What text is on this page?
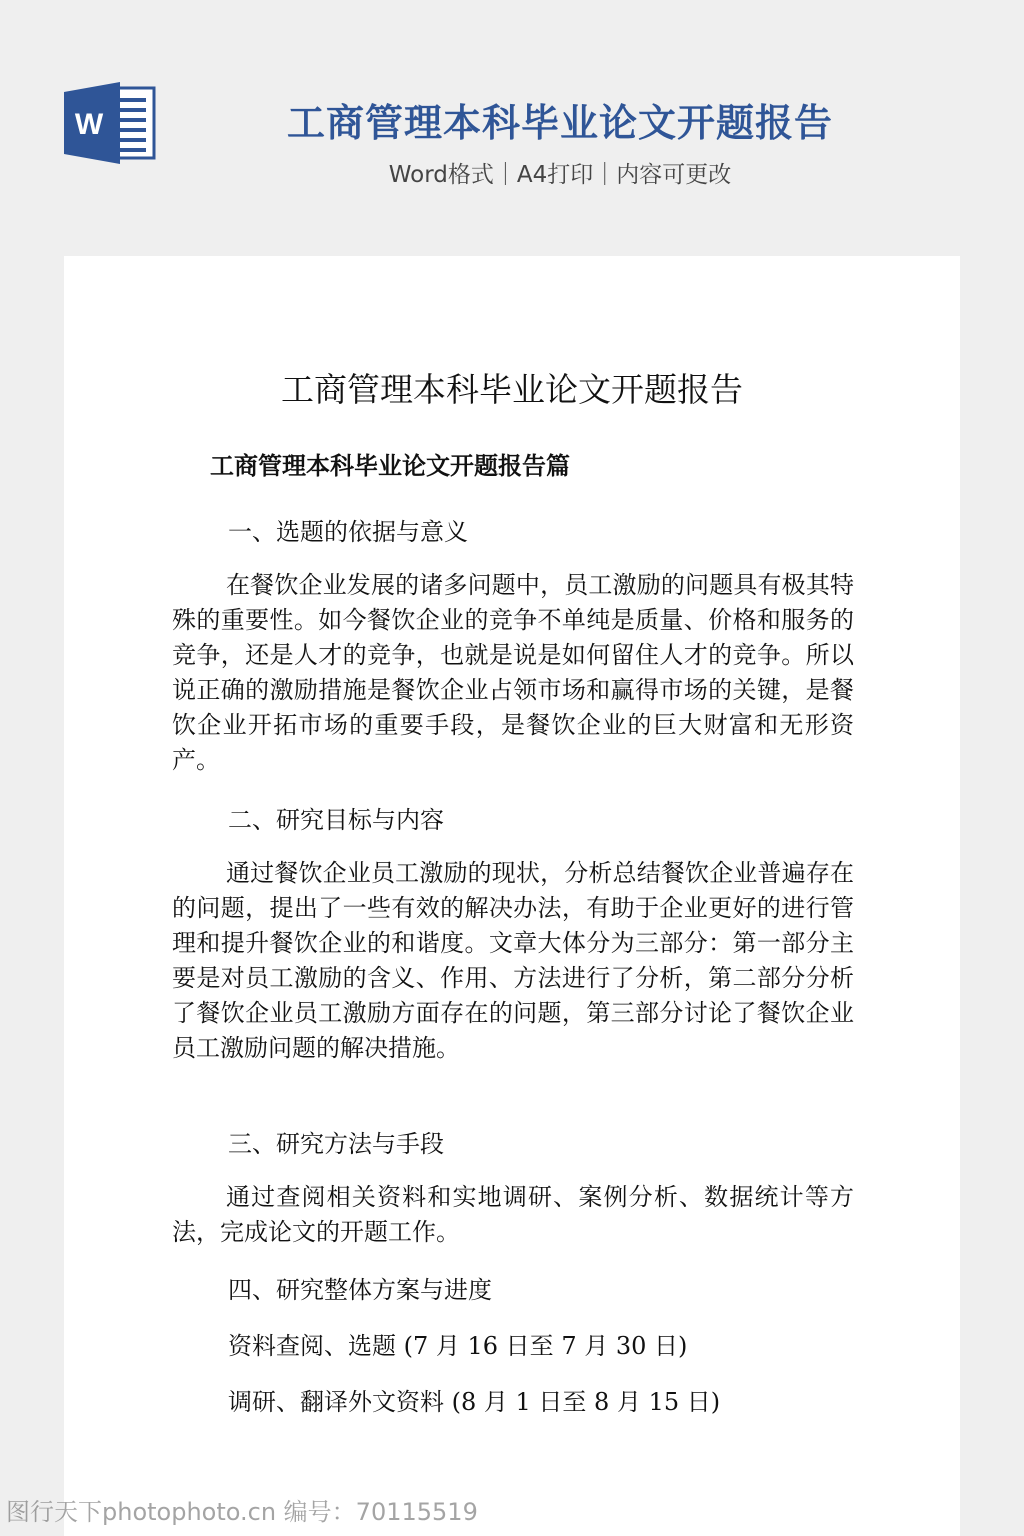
W	工商管理本科毕业论文开题报告
Word格式｜A4打印｜内容可更改
工商管理本科毕业论文开题报告
工商管理本科毕业论文开题报告篇
一、选题的依据与意义
在餐饮企业发展的诸多问题中，员工激励的问题具有极其特殊的重要性。如今餐饮企业的竞争不单纯是质量、价格和服务的竞争，还是人才的竞争，也就是说是如何留住人才的竞争。所以说正确的激励措施是餐饮企业占领市场和赢得市场的关键，是餐饮企业开拓市场的重要手段，是餐饮企业的巨大财富和无形资产。
二、研究目标与内容
通过餐饮企业员工激励的现状，分析总结餐饮企业普遍存在的问题，提出了一些有效的解决办法，有助于企业更好的进行管理和提升餐饮企业的和谐度。文章大体分为三部分：第一部分主要是对员工激励的含义、作用、方法进行了分析，第二部分分析了餐饮企业员工激励方面存在的问题，第三部分讨论了餐饮企业员工激励问题的解决措施。
三、研究方法与手段
通过查阅相关资料和实地调研、案例分析、数据统计等方法，完成论文的开题工作。
四、研究整体方案与进度
资料查阅、选题 (7 月 16 日至 7 月 30 日)
调研、翻译外文资料 (8 月 1 日至 8 月 15 日)
图行天下photophoto.cn 编号：70115519
